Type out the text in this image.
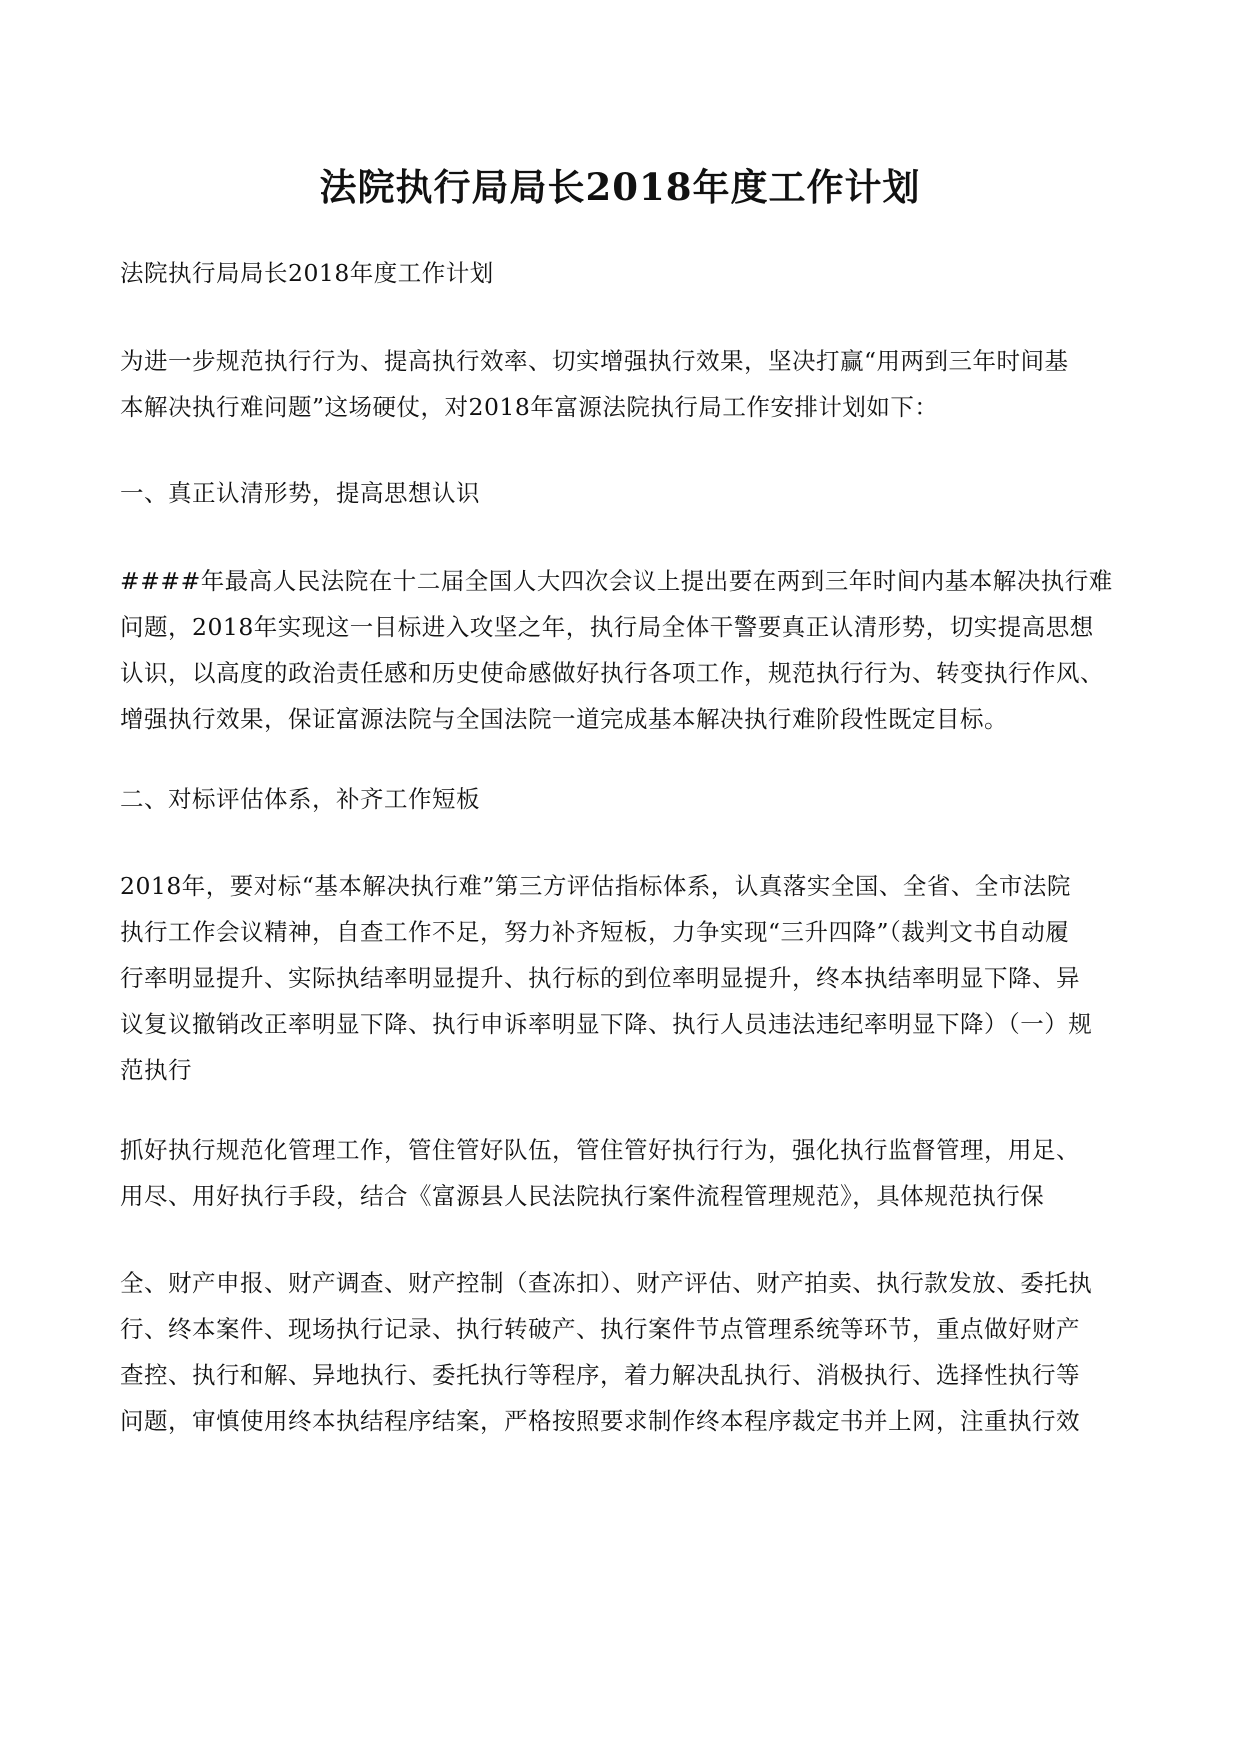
法院执行局局长2018年度工作计划
法院执行局局长2018年度工作计划
为进一步规范执行行为、提高执行效率、切实增强执行效果，坚决打赢“用两到三年时间基
本解决执行难问题”这场硬仗，对2018年富源法院执行局工作安排计划如下：
一、真正认清形势，提高思想认识
####年最高人民法院在十二届全国人大四次会议上提出要在两到三年时间内基本解决执行难
问题，2018年实现这一目标进入攻坚之年，执行局全体干警要真正认清形势，切实提高思想
认识，以高度的政治责任感和历史使命感做好执行各项工作，规范执行行为、转变执行作风、
增强执行效果，保证富源法院与全国法院一道完成基本解决执行难阶段性既定目标。
二、对标评估体系，补齐工作短板
2018年，要对标“基本解决执行难”第三方评估指标体系，认真落实全国、全省、全市法院
执行工作会议精神，自查工作不足，努力补齐短板，力争实现“三升四降”（裁判文书自动履
行率明显提升、实际执结率明显提升、执行标的到位率明显提升，终本执结率明显下降、异
议复议撤销改正率明显下降、执行申诉率明显下降、执行人员违法违纪率明显下降）（一）规
范执行
抓好执行规范化管理工作，管住管好队伍，管住管好执行行为，强化执行监督管理，用足、
用尽、用好执行手段，结合《富源县人民法院执行案件流程管理规范》，具体规范执行保
全、财产申报、财产调查、财产控制（查冻扣）、财产评估、财产拍卖、执行款发放、委托执
行、终本案件、现场执行记录、执行转破产、执行案件节点管理系统等环节，重点做好财产
查控、执行和解、异地执行、委托执行等程序，着力解决乱执行、消极执行、选择性执行等
问题，审慎使用终本执结程序结案，严格按照要求制作终本程序裁定书并上网，注重执行效
